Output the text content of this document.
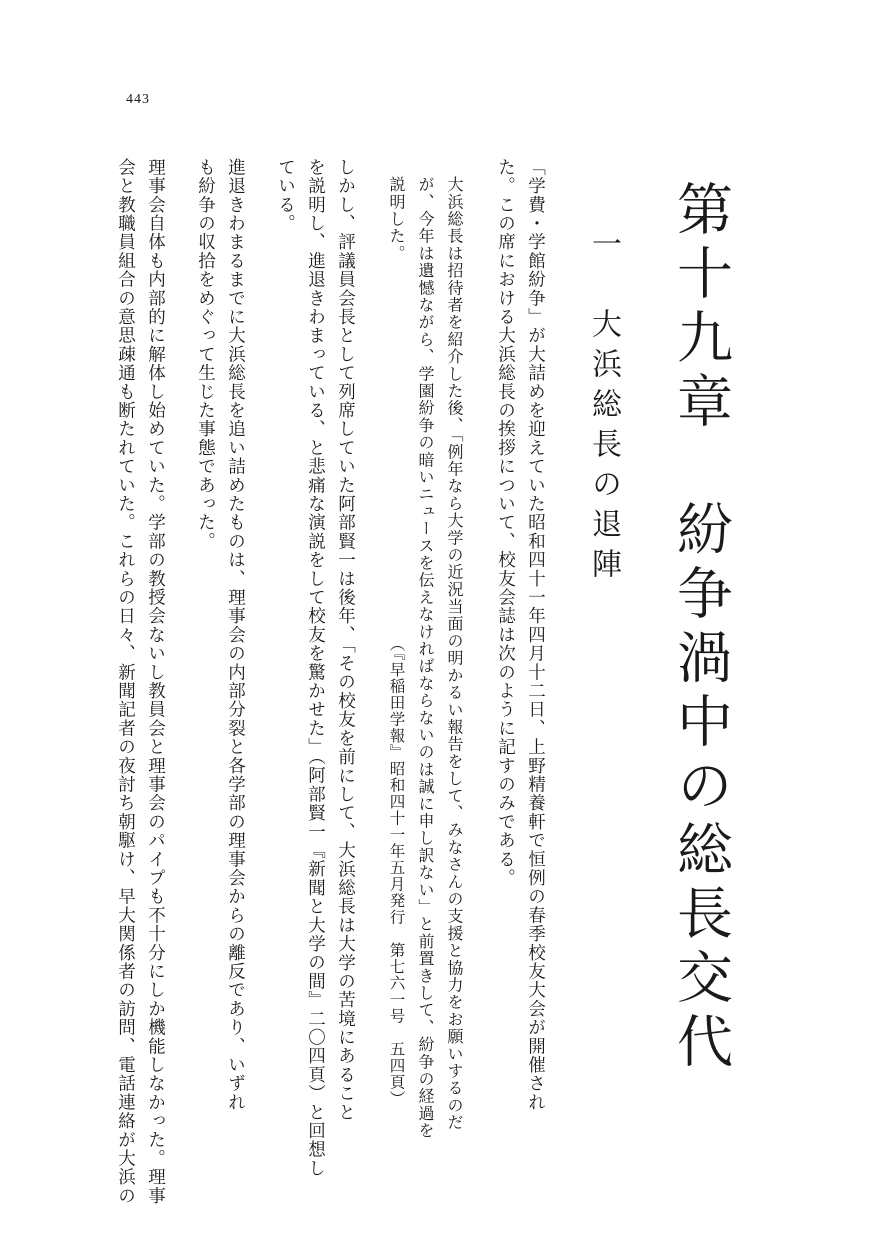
443
第十九章　紛争渦中の総長交代
一　大浜総長の退陣
「学費・学館紛争」が大詰めを迎えていた昭和四十一年四月十二日、上野精養軒で恒例の春季校友大会が開催され
た。この席における大浜総長の挨拶について、校友会誌は次のように記すのみである。
大浜総長は招待者を紹介した後、「例年なら大学の近況当面の明かるい報告をして、みなさんの支援と協力をお願いするのだ
が、今年は遺憾ながら、学園紛争の暗いニュースを伝えなければならないのは誠に申し訳ない」と前置きして、紛争の経過を
説明した。
（『早稲田学報』昭和四十一年五月発行　第七六一号　五四頁）
しかし、評議員会長として列席していた阿部賢一は後年、「その校友を前にして、大浜総長は大学の苦境にあること
を説明し、進退きわまっている、と悲痛な演説をして校友を驚かせた」（阿部賢一『新聞と大学の間』二〇四頁）と回想し
ている。
進退きわまるまでに大浜総長を追い詰めたものは、理事会の内部分裂と各学部の理事会からの離反であり、いずれ
も紛争の収拾をめぐって生じた事態であった。
理事会自体も内部的に解体し始めていた。学部の教授会ないし教員会と理事会のパイプも不十分にしか機能しなかった。理事
会と教職員組合の意思疎通も断たれていた。これらの日々、新聞記者の夜討ち朝駆け、早大関係者の訪問、電話連絡が大浜の
